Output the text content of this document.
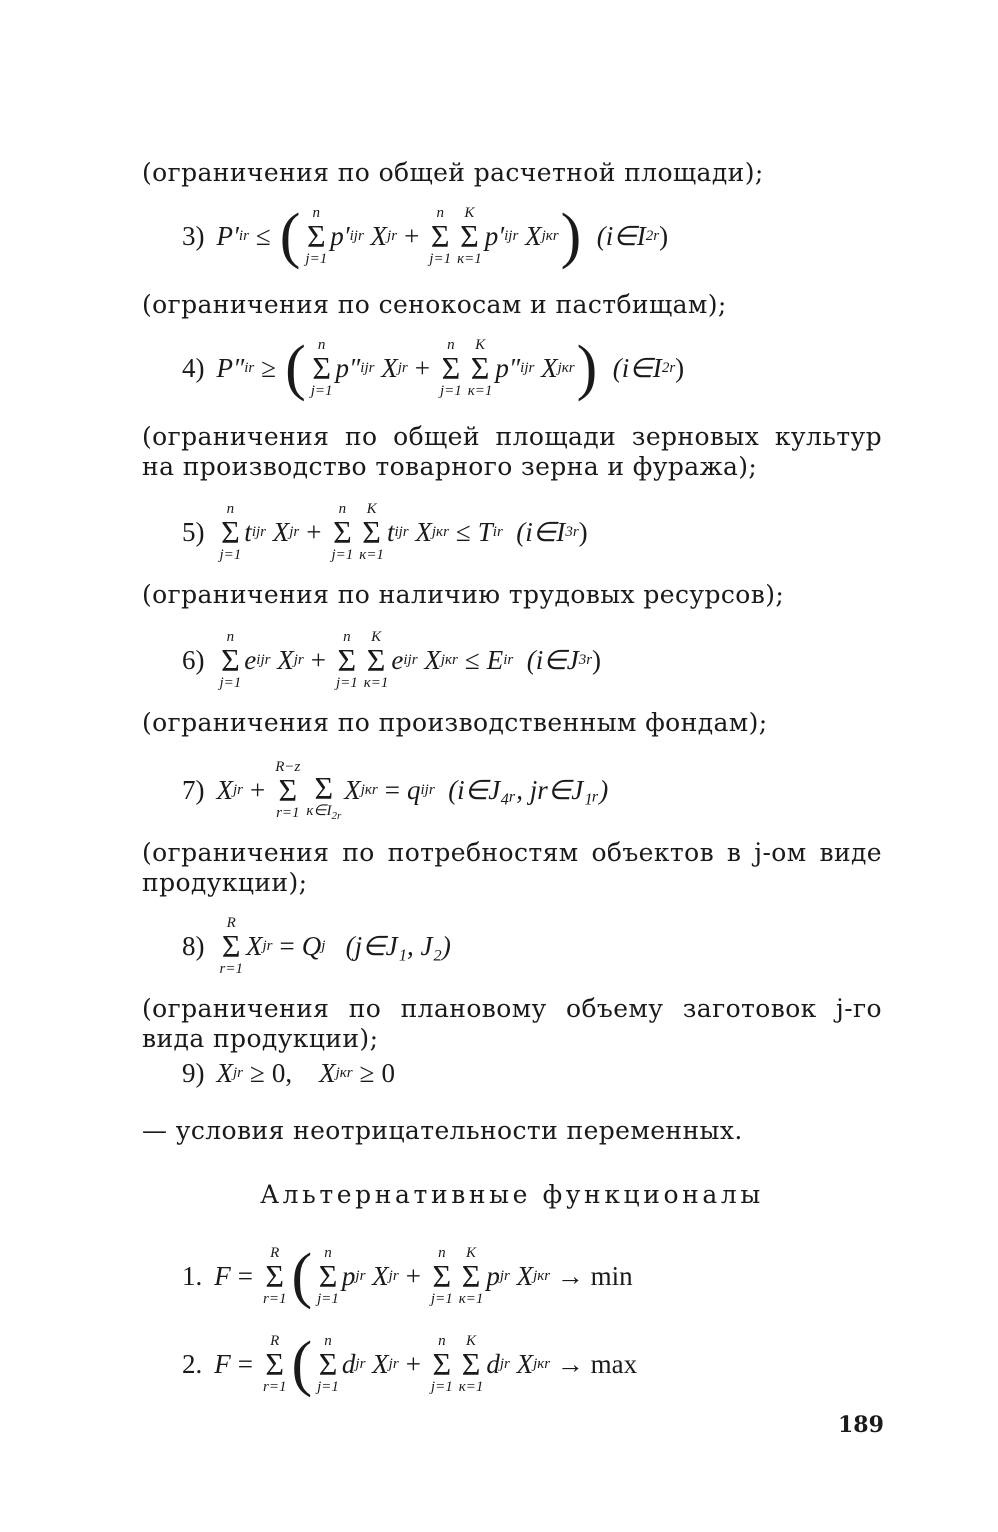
(ограничения по общей расчетной площади);
3) P′ ir ≤ ( n
Σ
j=1
p′ ijr
X jr +
n
Σ
j=1
K
Σ
к=1
p′ ijr
X jкr )
(i∈I 2r )
(ограничения по сенокосам и пастбищам);
4) P″ ir ≥ ( n
Σ
j=1
p″ ijr
X jr +
n
Σ
j=1
K
Σ
к=1
p″ ijr
X jкr )
(i∈I 2r )
(ограничения по общей площади зерновых культур на производство товарного зерна и фуража);
5)
n
Σ
j=1
t ijr
X jr +
n
Σ
j=1
K
Σ
к=1
t ijr
X jкr ≤ T ir
(i∈I 3r )
(ограничения по наличию трудовых ресурсов);
6)
n
Σ
j=1
e ijr
X jr +
n
Σ
j=1
K
Σ
к=1
e ijr
X jкr ≤ E ir
(i∈J 3r )
(ограничения по производственным фондам);
7) X jr +
R−z
Σ
r=1

Σ
$к\in I_{2r}$
X jкr = q ijr
(i∈J₄ᵣ, jr∈J₁ᵣ)
(ограничения по потребностям объектов в j-ом виде продукции);
8)
R
Σ
r=1
X jr = Q j
(j∈J₁, J₂)
(ограничения по плановому объему заготовок j-го вида продукции);
9) X jr ≥ 0,
X jкr ≥ 0
— условия неотрицательности переменных.
Альтернативные функционалы
1. F =
R
Σ
r=1 ( n
Σ
j=1
p jr
X jr +
n
Σ
j=1
K
Σ
к=1
p jr
X jкr
→ min
2. F =
R
Σ
r=1 ( n
Σ
j=1
d jr
X jr +
n
Σ
j=1
K
Σ
к=1
d jr
X jкr
→ max
189
